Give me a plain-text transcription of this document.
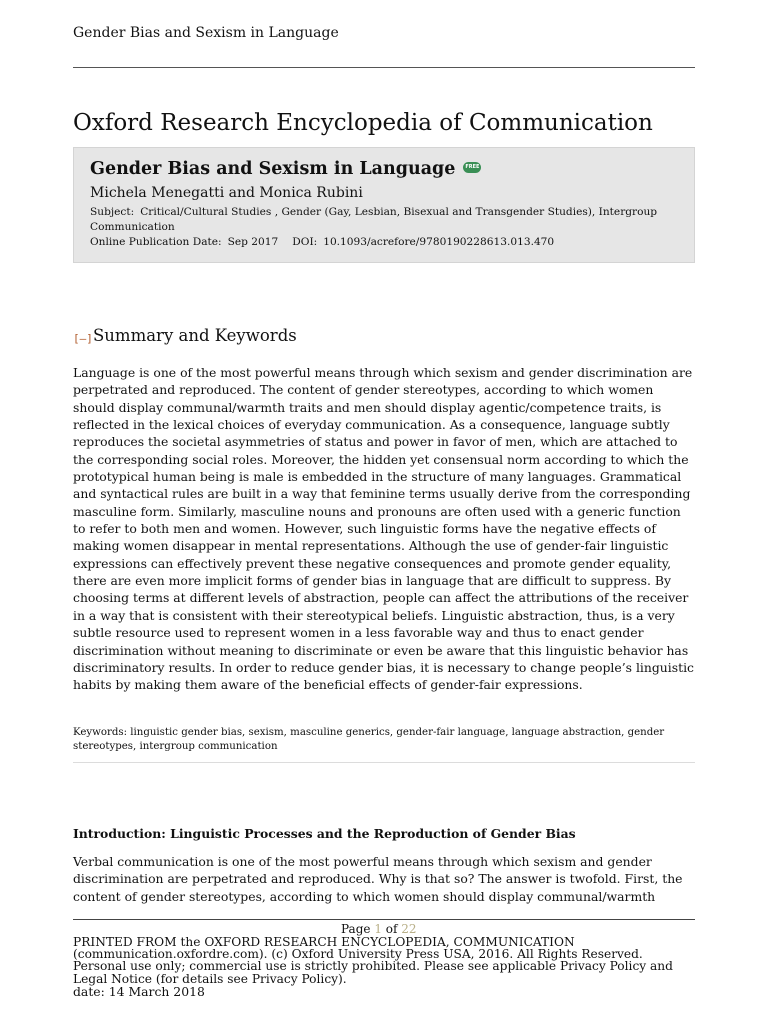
Gender Bias and Sexism in Language
Oxford Research Encyclopedia of Communication
Gender Bias and Sexism in Language FREE
Michela Menegatti and Monica Rubini
Subject: Critical/Cultural Studies , Gender (Gay, Lesbian, Bisexual and Transgender Studies), Intergroup Communication
Online Publication Date: Sep 2017 DOI: 10.1093/acrefore/9780190228613.013.470
[–]Summary and Keywords

Language is one of the most powerful means through which sexism and gender discrimination are perpetrated and reproduced. The content of gender stereotypes, according to which women should display communal/warmth traits and men should display agentic/competence traits, is reflected in the lexical choices of everyday communication. As a consequence, language subtly reproduces the societal asymmetries of status and power in favor of men, which are attached to the corresponding social roles. Moreover, the hidden yet consensual norm according to which the prototypical human being is male is embedded in the structure of many languages. Grammatical and syntactical rules are built in a way that feminine terms usually derive from the corresponding masculine form. Similarly, masculine nouns and pronouns are often used with a generic function to refer to both men and women. However, such linguistic forms have the negative effects of making women disappear in mental representations. Although the use of gender-fair linguistic expressions can effectively prevent these negative consequences and promote gender equality, there are even more implicit forms of gender bias in language that are difficult to suppress. By choosing terms at different levels of abstraction, people can affect the attributions of the receiver in a way that is consistent with their stereotypical beliefs. Linguistic abstraction, thus, is a very subtle resource used to represent women in a less favorable way and thus to enact gender discrimination without meaning to discriminate or even be aware that this linguistic behavior has discriminatory results. In order to reduce gender bias, it is necessary to change people’s linguistic habits by making them aware of the beneficial effects of gender-fair expressions.

Keywords: linguistic gender bias, sexism, masculine generics, gender-fair language, language abstraction, gender stereotypes, intergroup communication

Introduction: Linguistic Processes and the Reproduction of Gender Bias

Verbal communication is one of the most powerful means through which sexism and gender discrimination are perpetrated and reproduced. Why is that so? The answer is twofold. First, the content of gender stereotypes, according to which women should display communal/warmth

Page 1 of 22
PRINTED FROM the OXFORD RESEARCH ENCYCLOPEDIA, COMMUNICATION
(communication.oxfordre.com). (c) Oxford University Press USA, 2016. All Rights Reserved.
Personal use only; commercial use is strictly prohibited. Please see applicable Privacy Policy and
Legal Notice (for details see Privacy Policy).
date: 14 March 2018
